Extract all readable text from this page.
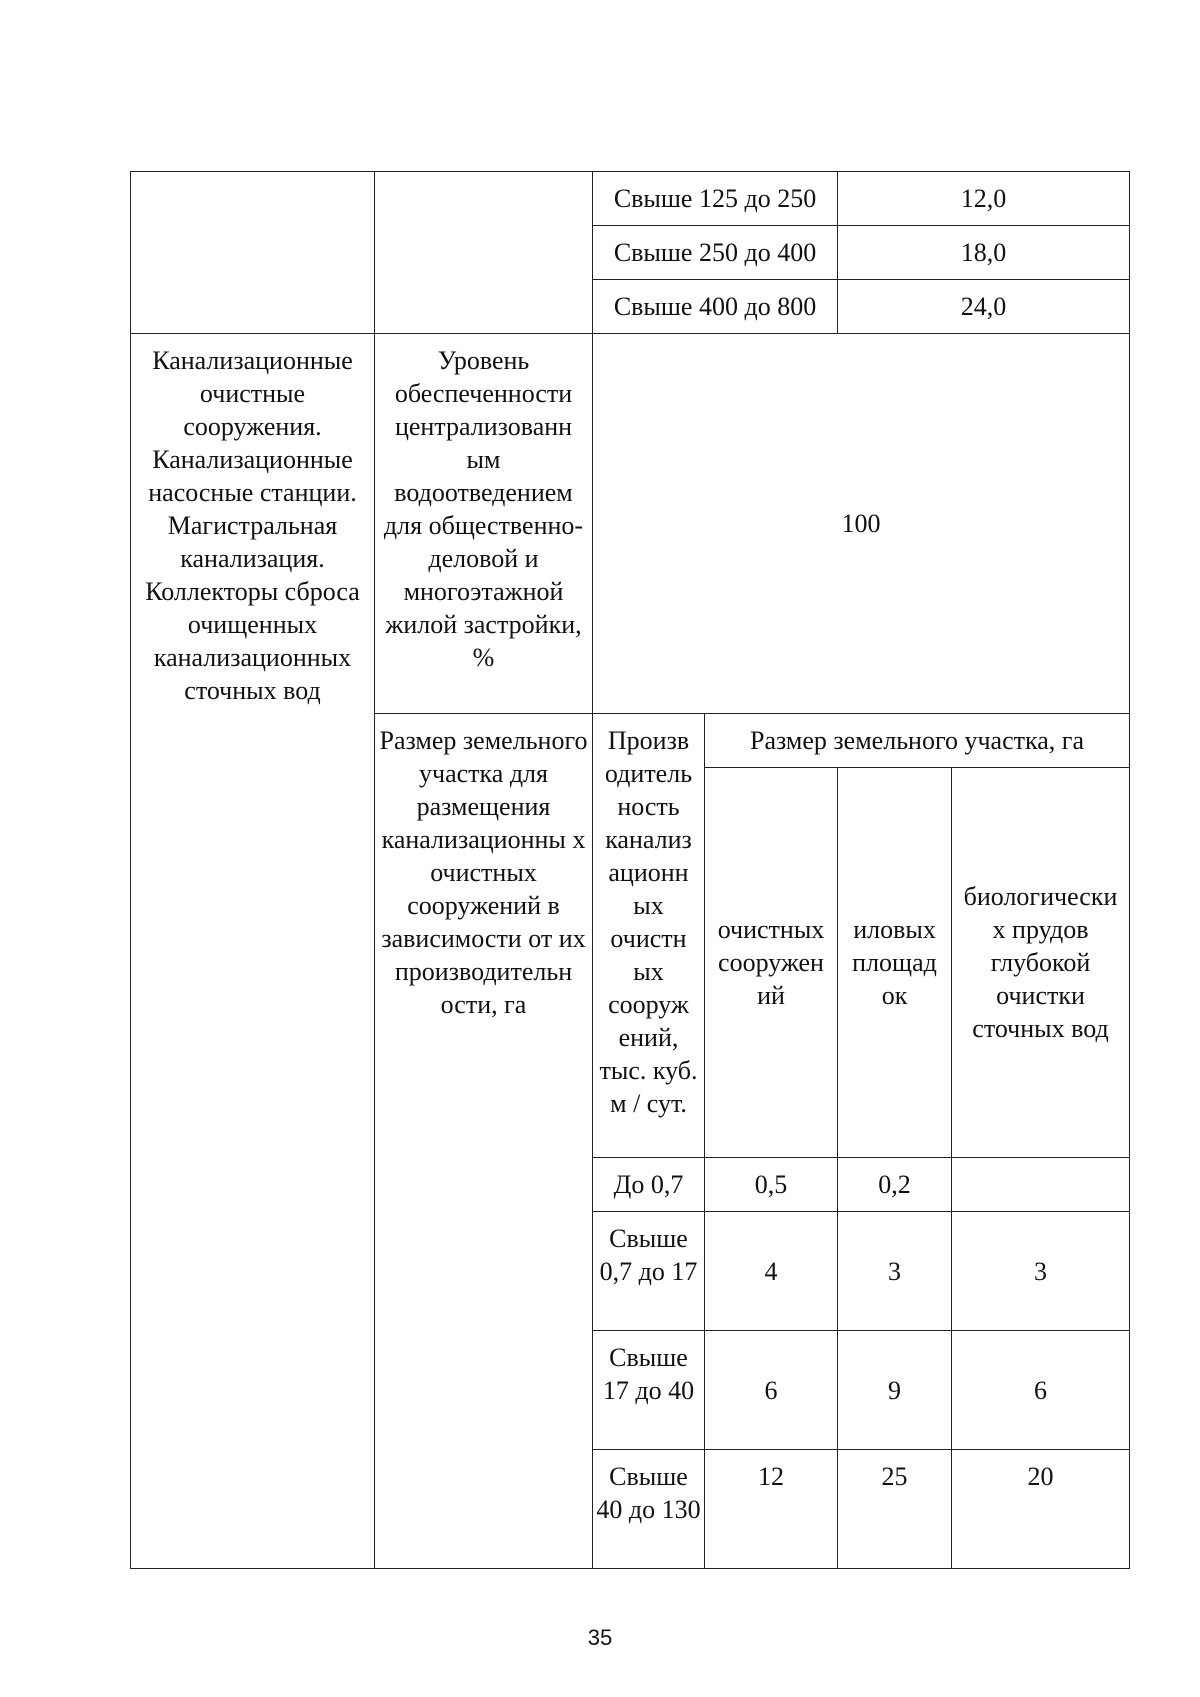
		Свыше 125 до 250		12,0	
		Свыше 250 до 400		18,0	
		Свыше 400 до 800		24,0	
Канализационные очистные сооружения. Канализационные насосные станции. Магистральная канализация. Коллекторы сброса очищенных канализационных сточных вод	Уровень обеспеченности централизованн ым водоотведением для общественно- деловой и многоэтажной жилой застройки, %	100			
	Размер земельного участка для размещения канализационны х очистных сооружений в зависимости от их производительн ости, га	Произв одитель ность канализ ационн ых очистн ых сооруж ений, тыс. куб. м / сут.	Размер земельного участка, га		
			очистных сооружен ий	иловых площад ок	биологически х прудов глубокой очистки сточных вод
		До 0,7	0,5	0,2	
		Свыше 0,7 до 17	4	3	3
		Свыше 17 до 40	6	9	6
		Свыше 40 до 130	12	25	20
35
